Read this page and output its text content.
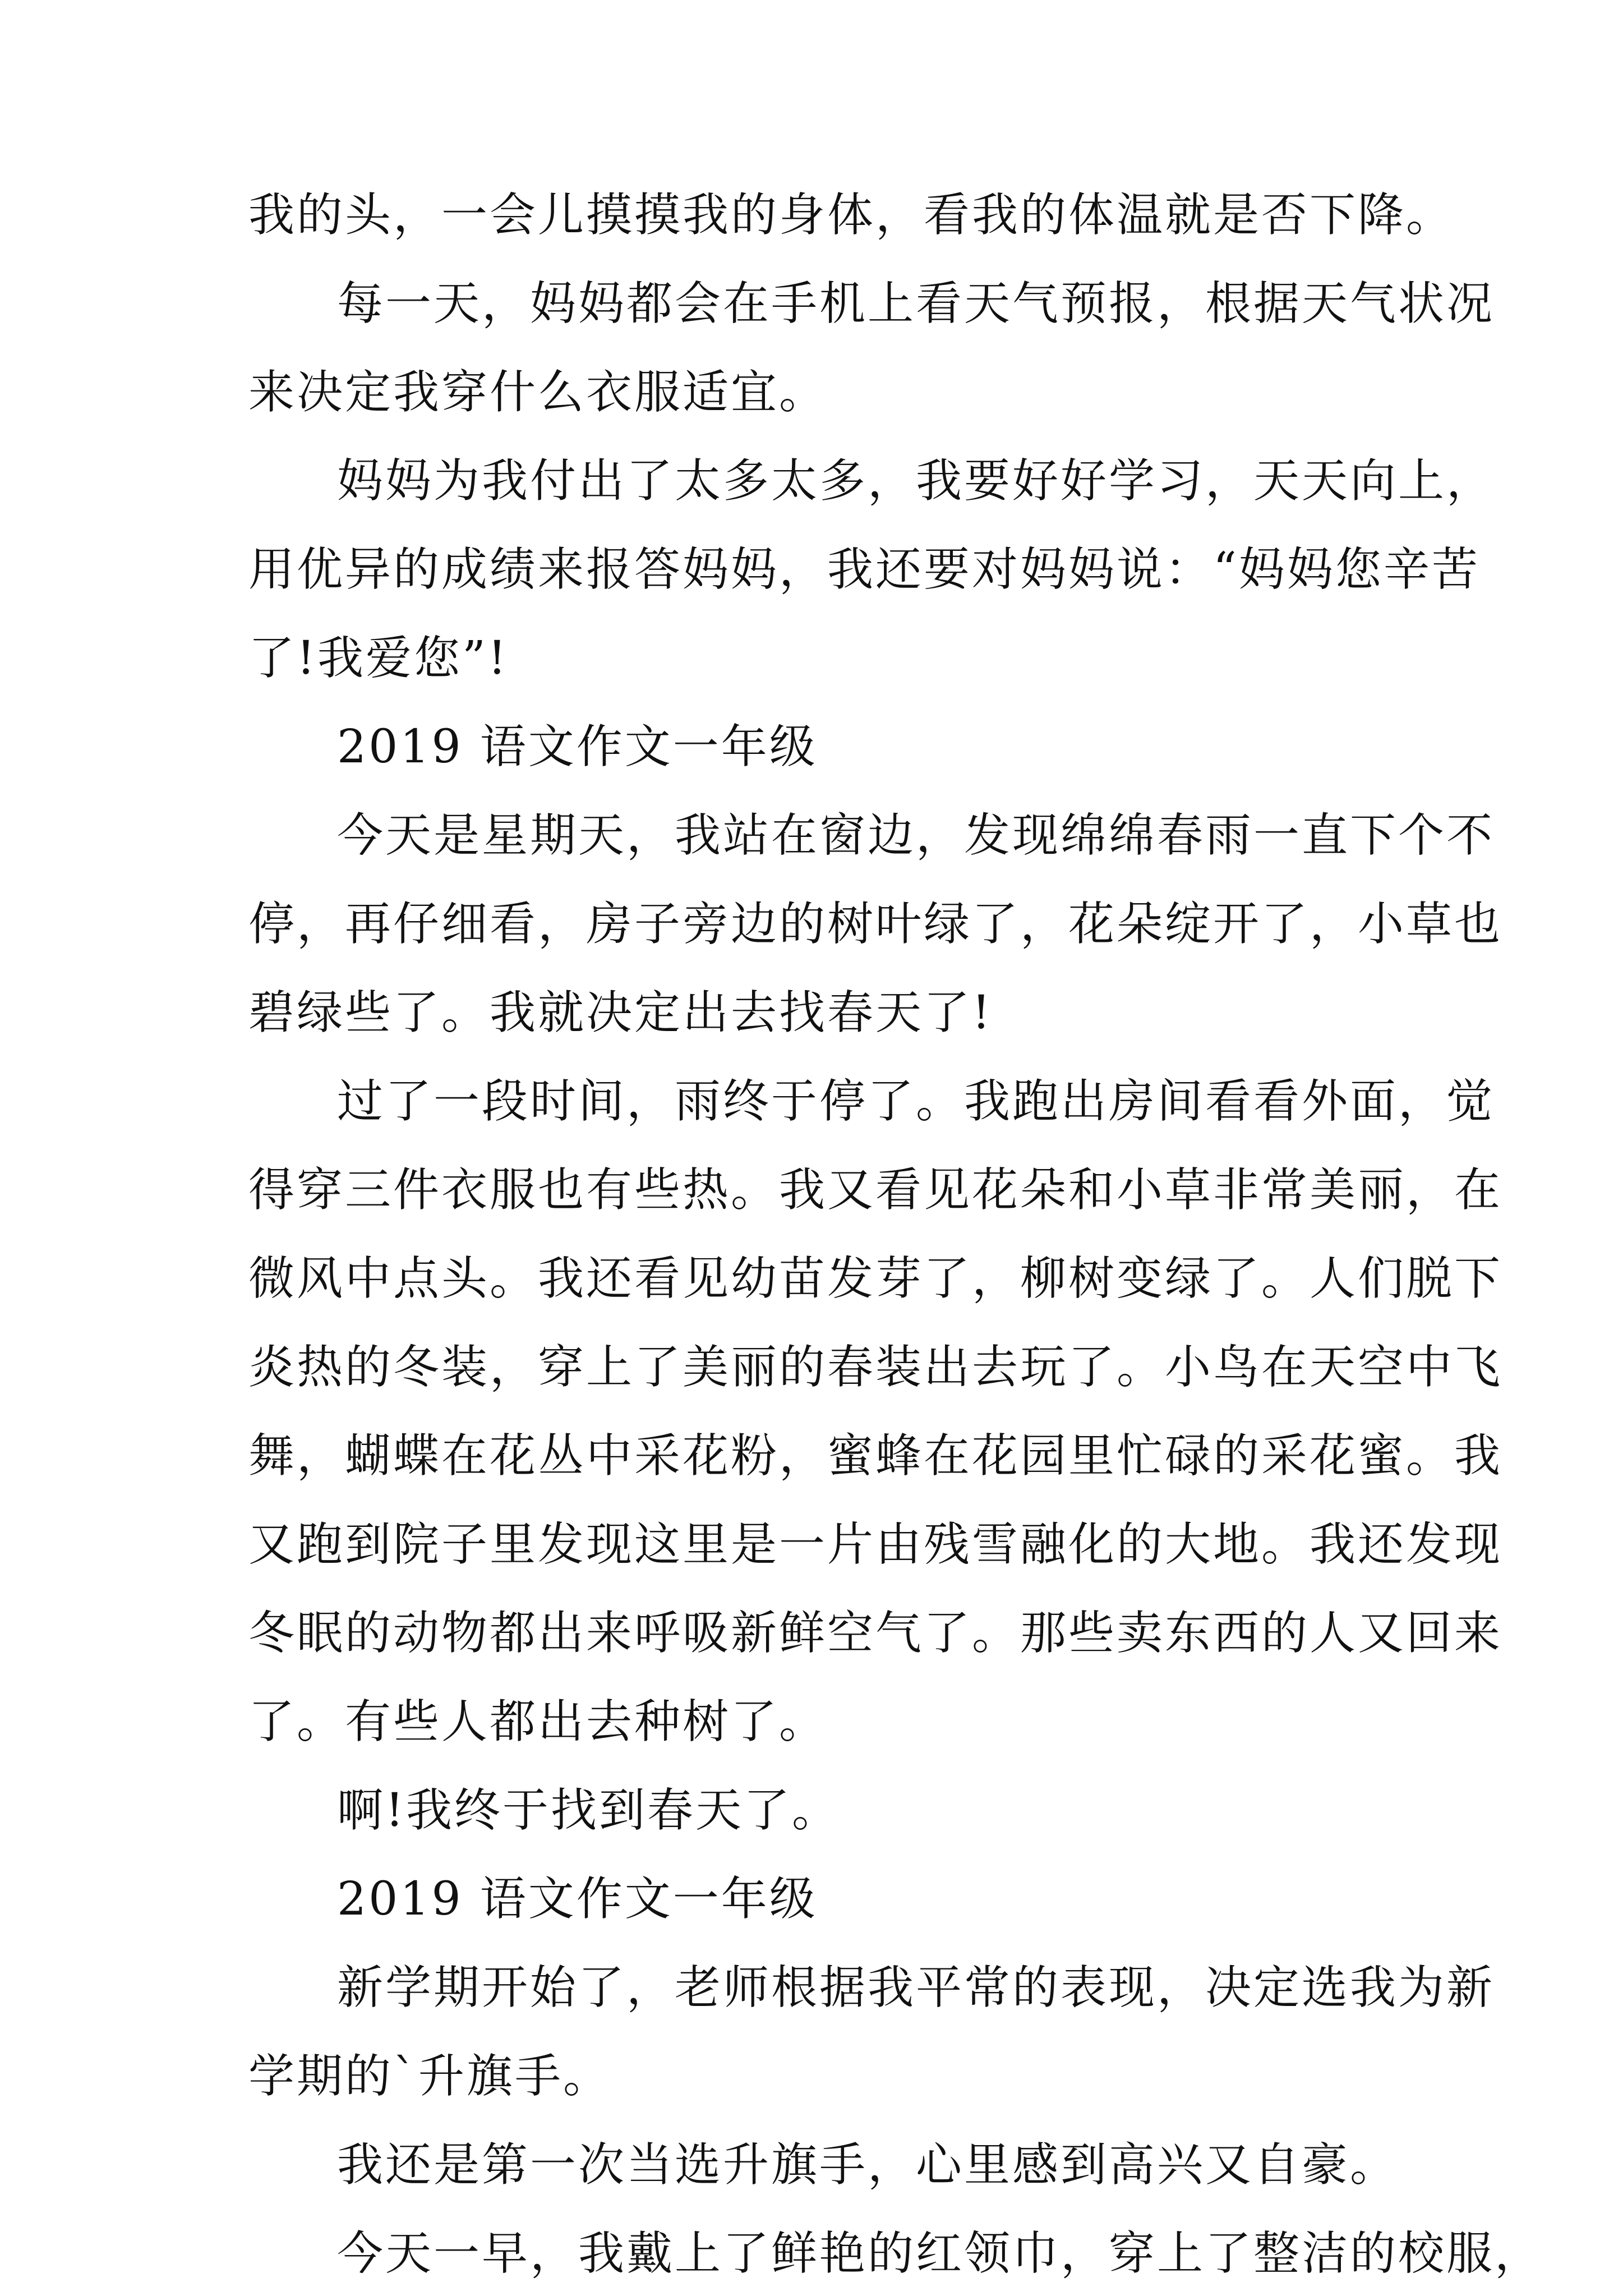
我的头，一会儿摸摸我的身体，看我的体温就是否下降。
每一天，妈妈都会在手机上看天气预报，根据天气状况
来决定我穿什么衣服适宜。
妈妈为我付出了太多太多，我要好好学习，天天向上，
用优异的成绩来报答妈妈，我还要对妈妈说：“妈妈您辛苦
了!我爱您”!
2019 语文作文一年级
今天是星期天，我站在窗边，发现绵绵春雨一直下个不
停，再仔细看，房子旁边的树叶绿了，花朵绽开了，小草也
碧绿些了。我就决定出去找春天了!
过了一段时间，雨终于停了。我跑出房间看看外面，觉
得穿三件衣服也有些热。我又看见花朵和小草非常美丽，在
微风中点头。我还看见幼苗发芽了，柳树变绿了。人们脱下
炎热的冬装，穿上了美丽的春装出去玩了。小鸟在天空中飞
舞，蝴蝶在花丛中采花粉，蜜蜂在花园里忙碌的采花蜜。我
又跑到院子里发现这里是一片由残雪融化的大地。我还发现
冬眠的动物都出来呼吸新鲜空气了。那些卖东西的人又回来
了。有些人都出去种树了。
啊!我终于找到春天了。
2019 语文作文一年级
新学期开始了，老师根据我平常的表现，决定选我为新
学期的`升旗手。
我还是第一次当选升旗手，心里感到高兴又自豪。
今天一早，我戴上了鲜艳的红领巾，穿上了整洁的校服，
